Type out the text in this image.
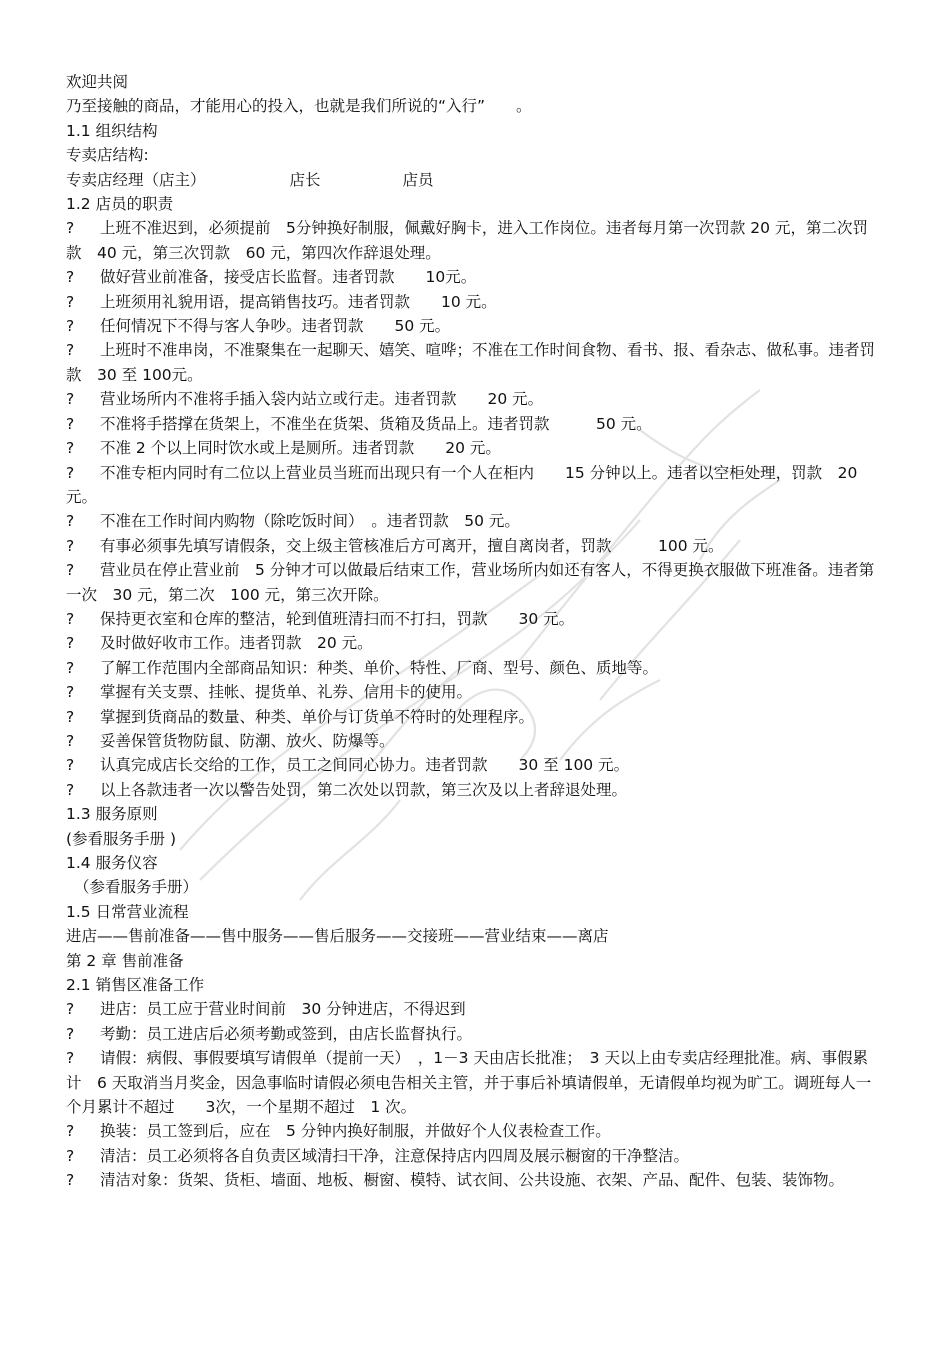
欢迎共阅
乃至接触的商品，才能用心的投入，也就是我们所说的“入行”　　。
1.1 组织结构
专卖店结构:
专卖店经理（店主）	店长	店员
1.2 店员的职责
? 上班不准迟到，必须提前　5分钟换好制服，佩戴好胸卡，进入工作岗位。违者每月第一次罚款 20 元，第二次罚款　40 元，第三次罚款　60 元，第四次作辞退处理。
? 做好营业前准备，接受店长监督。违者罚款　　10元。
? 上班须用礼貌用语，提高销售技巧。违者罚款　　10 元。
? 任何情况下不得与客人争吵。违者罚款　　50 元。
? 上班时不准串岗，不准聚集在一起聊天、嬉笑、喧哗；不准在工作时间食物、看书、报、看杂志、做私事。违者罚款　30 至 100元。
? 营业场所内不准将手插入袋内站立或行走。违者罚款　　20 元。
? 不准将手搭撑在货架上，不准坐在货架、货箱及货品上。违者罚款　　　50 元。
? 不准 2 个以上同时饮水或上是厕所。违者罚款　　20 元。
? 不准专柜内同时有二位以上营业员当班而出现只有一个人在柜内　　15 分钟以上。违者以空柜处理，罚款　20元。
? 不准在工作时间内购物（除吃饭时间）　。违者罚款　50 元。
? 有事必须事先填写请假条，交上级主管核准后方可离开，擅自离岗者，罚款　　　100 元。
? 营业员在停止营业前　5 分钟才可以做最后结束工作，营业场所内如还有客人，不得更换衣服做下班准备。违者第一次　30 元，第二次　100 元，第三次开除。
? 保持更衣室和仓库的整洁，轮到值班清扫而不打扫，罚款　　30 元。
? 及时做好收市工作。违者罚款　20 元。
? 了解工作范围内全部商品知识：种类、单价、特性、厂商、型号、颜色、质地等。
? 掌握有关支票、挂帐、提货单、礼券、信用卡的使用。
? 掌握到货商品的数量、种类、单价与订货单不符时的处理程序。
? 妥善保管货物防鼠、防潮、放火、防爆等。
? 认真完成店长交给的工作，员工之间同心协力。违者罚款　　30 至 100 元。
? 以上各款违者一次以警告处罚，第二次处以罚款，第三次及以上者辞退处理。
1.3 服务原则
(参看服务手册 )
1.4 服务仪容
（参看服务手册）
1.5 日常营业流程
进店——售前准备——售中服务——售后服务——交接班——营业结束——离店
第 2 章 售前准备
2.1 销售区准备工作
? 进店：员工应于营业时间前　30 分钟进店，不得迟到
? 考勤：员工进店后必须考勤或签到，由店长监督执行。
? 请假：病假、事假要填写请假单（提前一天）　，1－3 天由店长批准；　3 天以上由专卖店经理批准。病、事假累计　6 天取消当月奖金，因急事临时请假必须电告相关主管，并于事后补填请假单，无请假单均视为旷工。调班每人一个月累计不超过　　3次，一个星期不超过　1 次。
? 换装：员工签到后，应在　5 分钟内换好制服，并做好个人仪表检查工作。
? 清洁：员工必须将各自负责区域清扫干净，注意保持店内四周及展示橱窗的干净整洁。
? 清洁对象：货架、货柜、墙面、地板、橱窗、模特、试衣间、公共设施、衣架、产品、配件、包装、装饰物。
